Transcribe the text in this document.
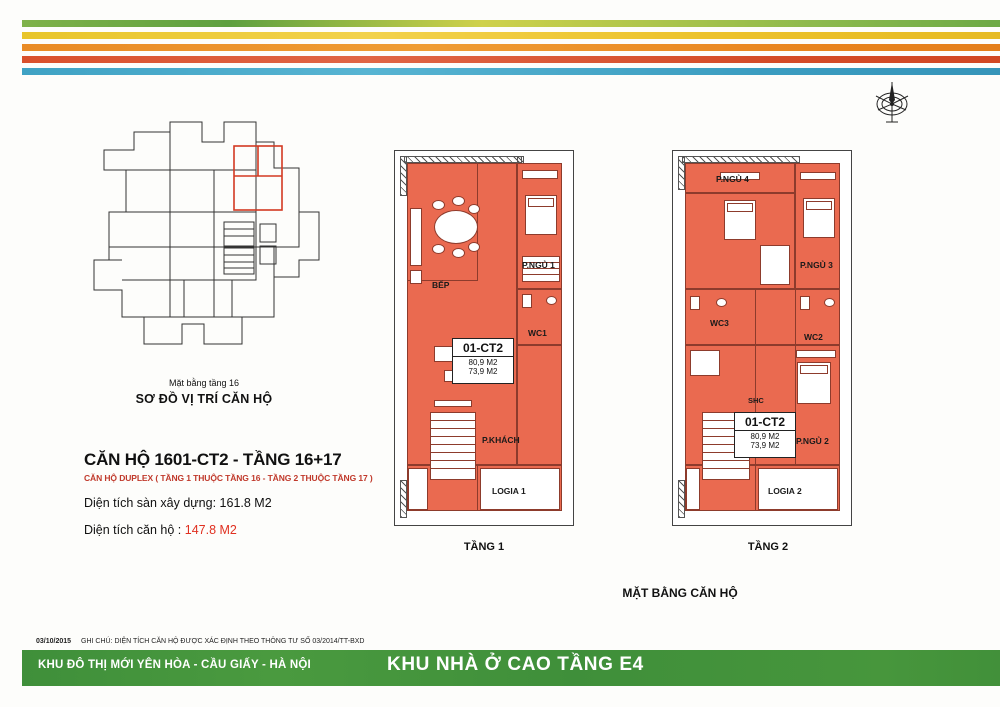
Mặt bằng tầng 16
SƠ ĐỒ VỊ TRÍ CĂN HỘ
CĂN HỘ 1601-CT2 - TẦNG 16+17
CĂN HỘ DUPLEX ( TẦNG 1 THUỘC TẦNG 16 - TẦNG 2 THUỘC TẦNG 17 )
Diện tích sàn xây dựng: 161.8 M2
Diện tích căn hộ : 147.8 M2
BẾP
P.NGỦ 1
WC1
P.KHÁCH
LOGIA 1
01-CT2
80,9 M2
73,9 M2
TẦNG 1
P.NGỦ 4
P.NGỦ 3
WC3
WC2
SHC
P.NGỦ 2
LOGIA 2
01-CT2
80,9 M2
73,9 M2
TẦNG 2
MẶT BẰNG CĂN HỘ
03/10/2015 GHI CHÚ: DIỆN TÍCH CĂN HỘ ĐƯỢC XÁC ĐỊNH THEO THÔNG TƯ SỐ 03/2014/TT-BXD
KHU ĐÔ THỊ MỚI YÊN HÒA - CẦU GIẤY - HÀ NỘI	KHU NHÀ Ở CAO TẦNG E4
